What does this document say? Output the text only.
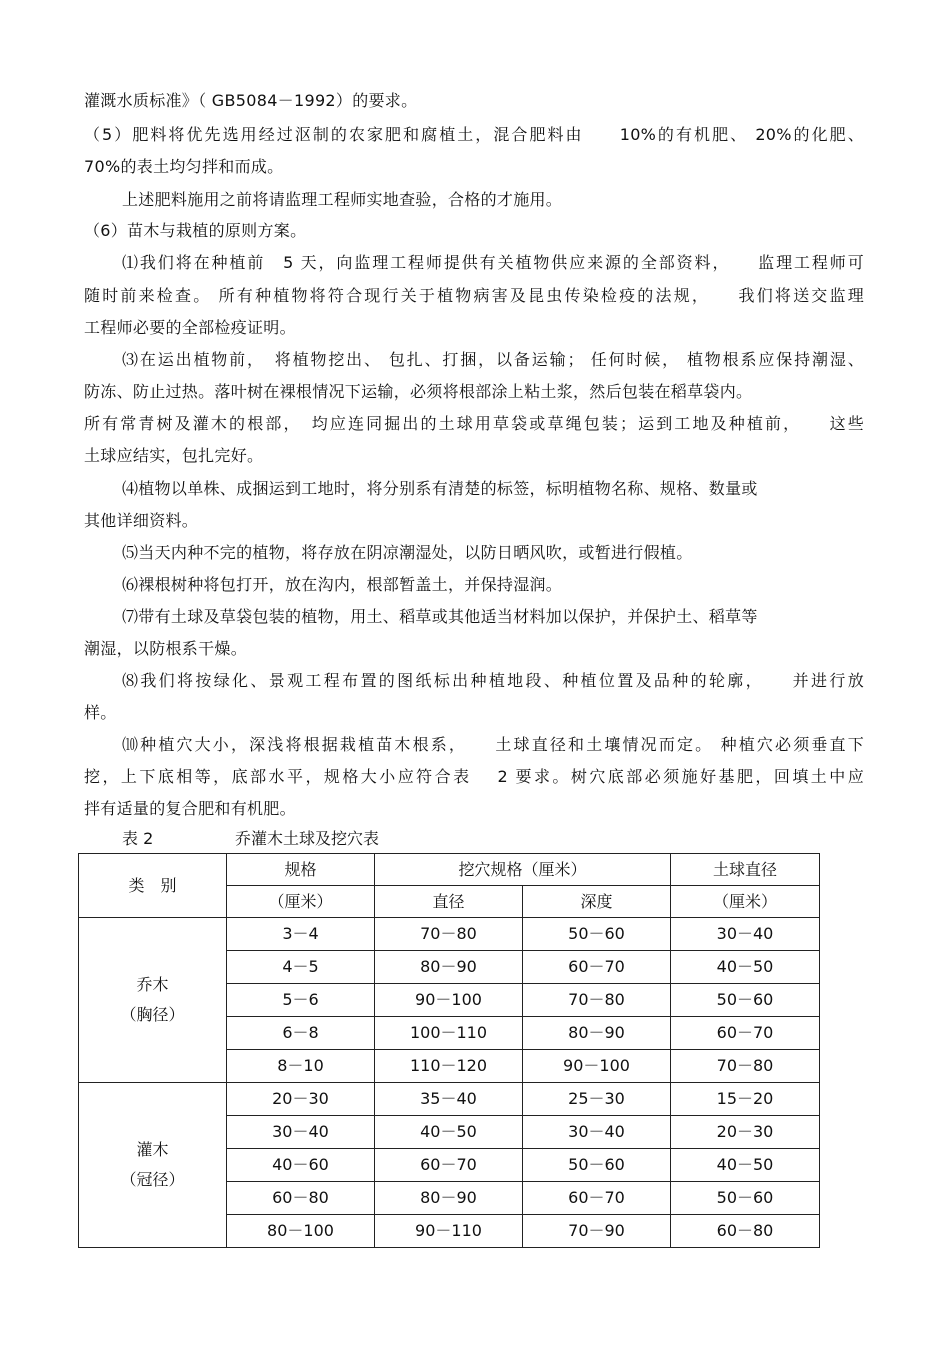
灌溉水质标准》（ GB5084－1992）的要求。
（5）肥料将优先选用经过沤制的农家肥和腐植土，混合肥料由　　10%的有机肥、 20%的化肥、
70%的表土均匀拌和而成。
上述肥料施用之前将请监理工程师实地查验，合格的才施用。
（6）苗木与栽植的原则方案。
⑴我们将在种植前　5 天，向监理工程师提供有关植物供应来源的全部资料，　　监理工程师可
随时前来检查。 所有种植物将符合现行关于植物病害及昆虫传染检疫的法规，　　我们将送交监理
工程师必要的全部检疫证明。
⑶在运出植物前，　将植物挖出、 包扎、打捆，以备运输； 任何时候， 植物根系应保持潮湿、
防冻、防止过热。落叶树在裸根情况下运输，必须将根部涂上粘土浆，然后包装在稻草袋内。
所有常青树及灌木的根部，　均应连同掘出的土球用草袋或草绳包装；运到工地及种植前，　　这些
土球应结实，包扎完好。
⑷植物以单株、成捆运到工地时，将分别系有清楚的标签，标明植物名称、规格、数量或
其他详细资料。
⑸当天内种不完的植物，将存放在阴凉潮湿处，以防日晒风吹，或暂进行假植。
⑹裸根树种将包打开，放在沟内，根部暂盖土，并保持湿润。
⑺带有土球及草袋包装的植物，用土、稻草或其他适当材料加以保护，并保护土、稻草等
潮湿，以防根系干燥。
⑻我们将按绿化、景观工程布置的图纸标出种植地段、种植位置及品种的轮廓，　　并进行放
样。
⑽种植穴大小，深浅将根据栽植苗木根系，　　土球直径和土壤情况而定。 种植穴必须垂直下
挖，上下底相等，底部水平，规格大小应符合表　 2 要求。树穴底部必须施好基肥，回填土中应
拌有适量的复合肥和有机肥。
表 2	乔灌木土球及挖穴表
类　别	规格	挖穴规格（厘米）		土球直径
	（厘米）	直径	深度	（厘米）

乔木
（胸径）	3－4	70－80	50－60	30－40
	4－5	80－90	60－70	40－50
	5－6	90－100	70－80	50－60
	6－8	100－110	80－90	60－70
	8－10	110－120	90－100	70－80

灌木
（冠径）	20－30	35－40	25－30	15－20
	30－40	40－50	30－40	20－30
	40－60	60－70	50－60	40－50
	60－80	80－90	60－70	50－60
	80－100	90－110	70－90	60－80
